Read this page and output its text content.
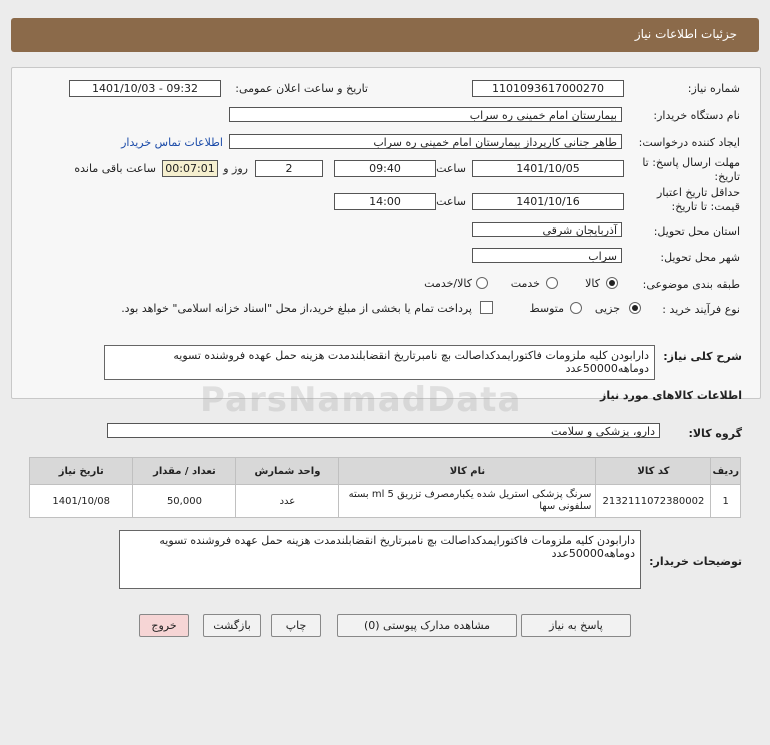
جزئیات اطلاعات نیاز
شماره نیاز:
1101093617000270
تاریخ و ساعت اعلان عمومی:
1401/10/03 - 09:32
نام دستگاه خریدار:
بیمارستان امام خمینی ره سراب
ایجاد کننده درخواست:
طاهر جنانی کارپرداز بیمارستان امام خمینی ره سراب
اطلاعات تماس خریدار
مهلت ارسال پاسخ: تا تاریخ:
1401/10/05
ساعت
09:40
2
روز و
00:07:01
ساعت باقی مانده
حداقل تاریخ اعتبار قیمت: تا تاریخ:
1401/10/16
ساعت
14:00
استان محل تحویل:
آذربایجان شرقی
شهر محل تحویل:
سراب
طبقه بندی موضوعی:
کالا
خدمت
کالا/خدمت
نوع فرآیند خرید :
جزیی
متوسط
پرداخت تمام یا بخشی از مبلغ خرید،از محل "اسناد خزانه اسلامی" خواهد بود.
شرح کلی نیاز:
دارابودن کلیه ملزومات فاکتورایمدکداصالت بچ نامبرتاریخ انقضابلندمدت هزینه حمل عهده فروشنده تسویه دوماهه50000عدد
اطلاعات کالاهای مورد نیاز
گروه کالا:
دارو، پزشکی و سلامت
ردیف	کد کالا	نام کالا	واحد شمارش	تعداد / مقدار	تاریخ نیاز
1	2132111072380002	سرنگ پزشکی استریل شده یکبارمصرف تزریق ml 5 بسته سلفونی سها	عدد	50,000	1401/10/08
توضیحات خریدار:
دارابودن کلیه ملزومات فاکتورایمدکداصالت بچ نامبرتاریخ انقضابلندمدت هزینه حمل عهده فروشنده تسویه دوماهه50000عدد
ParsNamadData
پاسخ به نیاز
مشاهده مدارک پیوستی (0)
چاپ
بازگشت
خروج
